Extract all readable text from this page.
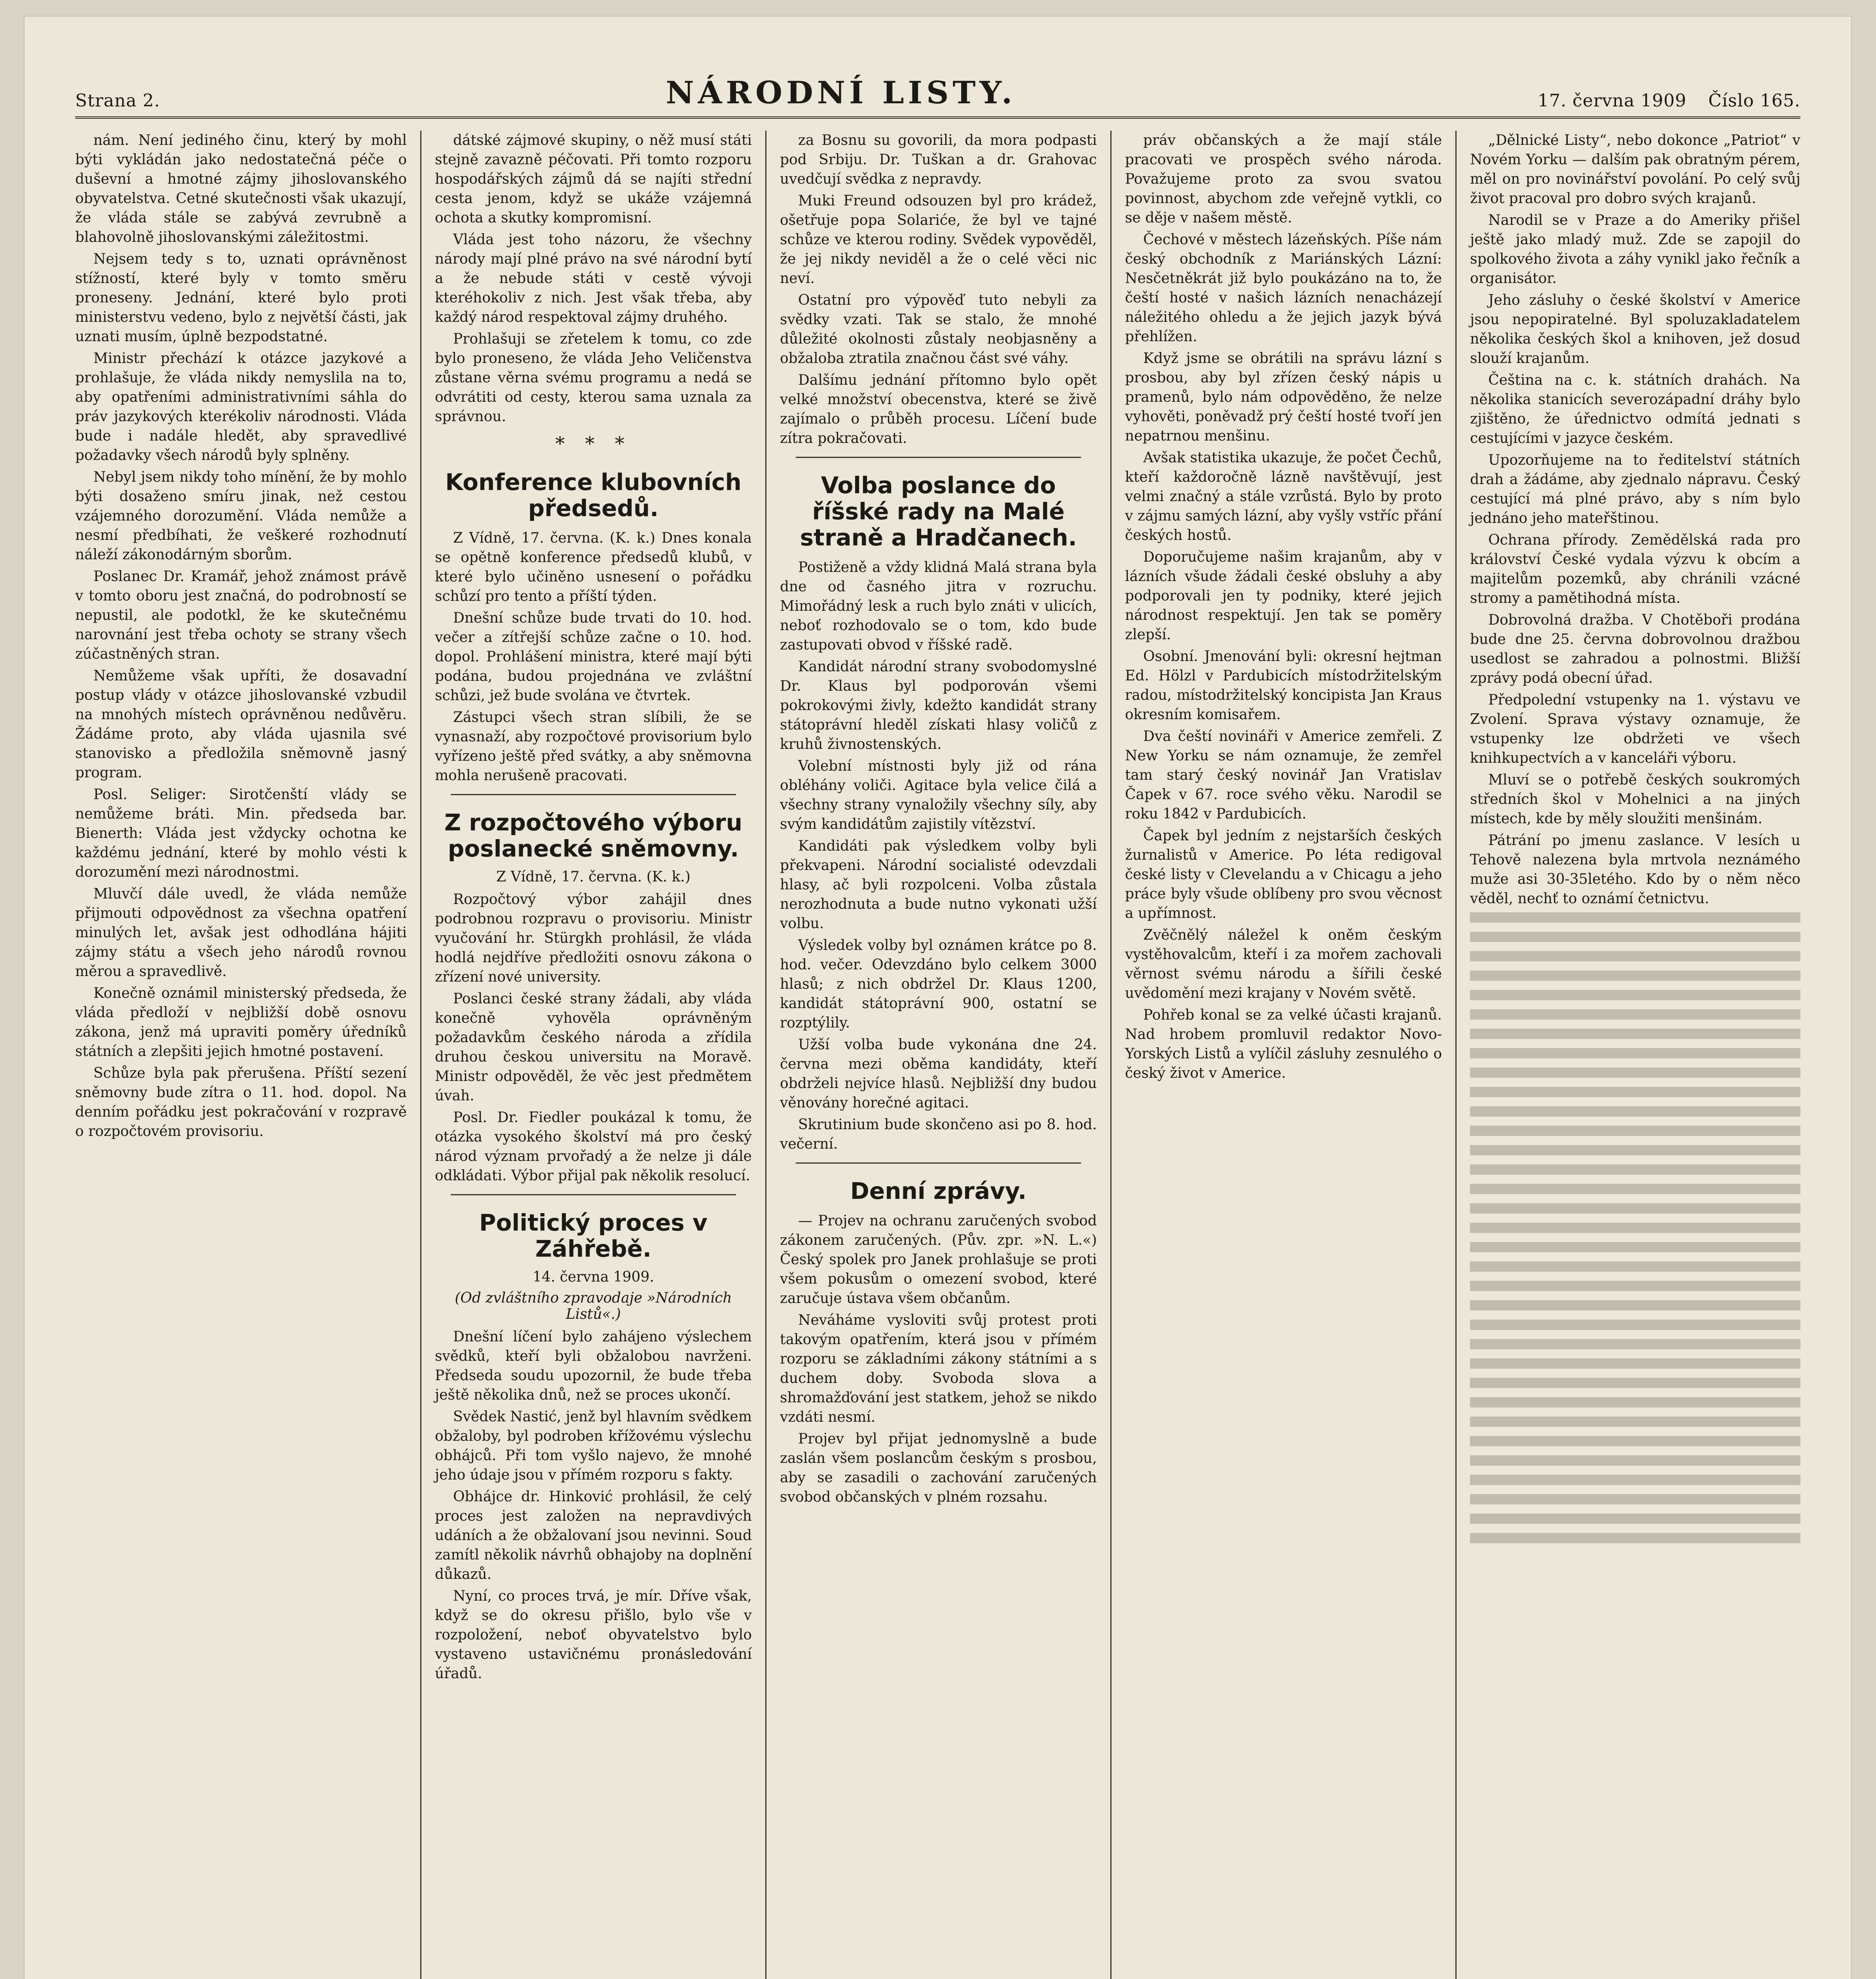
Strana 2.	NÁRODNÍ LISTY.	17. června 1909 Číslo 165.

nám. Není jediného činu, který by mohl býti vykládán jako nedostatečná péče o duševní a hmotné zájmy jihoslovanského obyvatelstva. Cetné skutečnosti však ukazují, že vláda stále se zabývá zevrubně a blahovolně jihoslovanskými záležitostmi.

Nejsem tedy s to, uznati oprávněnost stížností, které byly v tomto směru proneseny. Jednání, které bylo proti ministerstvu vedeno, bylo z největší části, jak uznati musím, úplně bezpodstatné.

Ministr přechází k otázce jazykové a prohlašuje, že vláda nikdy nemyslila na to, aby opatřeními administrativními sáhla do práv jazykových kterékoliv národnosti. Vláda bude i nadále hledět, aby spravedlivé požadavky všech národů byly splněny.

Nebyl jsem nikdy toho mínění, že by mohlo býti dosaženo smíru jinak, než cestou vzájemného dorozumění. Vláda nemůže a nesmí předbíhati, že veškeré rozhodnutí náleží zákonodárným sborům.

Poslanec Dr. Kramář, jehož známost právě v tomto oboru jest značná, do podrobností se nepustil, ale podotkl, že ke skutečnému narovnání jest třeba ochoty se strany všech zúčastněných stran.

Nemůžeme však upříti, že dosavadní postup vlády v otázce jihoslovanské vzbudil na mnohých místech oprávněnou nedůvěru. Žádáme proto, aby vláda ujasnila své stanovisko a předložila sněmovně jasný program.

Posl. Seliger: Sirotčenští vlády se nemůžeme bráti. Min. předseda bar. Bienerth: Vláda jest vždycky ochotna ke každému jednání, které by mohlo vésti k dorozumění mezi národnostmi.

Mluvčí dále uvedl, že vláda nemůže přijmouti odpovědnost za všechna opatření minulých let, avšak jest odhodlána hájiti zájmy státu a všech jeho národů rovnou měrou a spravedlivě.

Konečně oznámil ministerský předseda, že vláda předloží v nejbližší době osnovu zákona, jenž má upraviti poměry úředníků státních a zlepšiti jejich hmotné postavení.

Schůze byla pak přerušena. Příští sezení sněmovny bude zítra o 11. hod. dopol. Na denním pořádku jest pokračování v rozpravě o rozpočtovém provisoriu.

dátské zájmové skupiny, o něž musí státi stejně zavazně péčovati. Při tomto rozporu hospodářských zájmů dá se najíti střední cesta jenom, když se ukáže vzájemná ochota a skutky kompromisní.

Vláda jest toho názoru, že všechny národy mají plné právo na své národní bytí a že nebude státi v cestě vývoji kteréhokoliv z nich. Jest však třeba, aby každý národ respektoval zájmy druhého.

Prohlašuji se zřetelem k tomu, co zde bylo proneseno, že vláda Jeho Veličenstva zůstane věrna svému programu a nedá se odvrátiti od cesty, kterou sama uznala za správnou.

* * *
Konference klubovních předsedů.

Z Vídně, 17. června. (K. k.) Dnes konala se opětně konference předsedů klubů, v které bylo učiněno usnesení o pořádku schůzí pro tento a příští týden.

Dnešní schůze bude trvati do 10. hod. večer a zítřejší schůze začne o 10. hod. dopol. Prohlášení ministra, které mají býti podána, budou projednána ve zvláštní schůzi, jež bude svolána ve čtvrtek.

Zástupci všech stran slíbili, že se vynasnaží, aby rozpočtové provisorium bylo vyřízeno ještě před svátky, a aby sněmovna mohla nerušeně pracovati.

Z rozpočtového výboru poslanecké sněmovny.
Z Vídně, 17. června. (K. k.)

Rozpočtový výbor zahájil dnes podrobnou rozpravu o provisoriu. Ministr vyučování hr. Stürgkh prohlásil, že vláda hodlá nejdříve předložiti osnovu zákona o zřízení nové university.

Poslanci české strany žádali, aby vláda konečně vyhověla oprávněným požadavkům českého národa a zřídila druhou českou universitu na Moravě. Ministr odpověděl, že věc jest předmětem úvah.

Posl. Dr. Fiedler poukázal k tomu, že otázka vysokého školství má pro český národ význam prvořadý a že nelze ji dále odkládati. Výbor přijal pak několik resolucí.

Politický proces v Záhřebě.
14. června 1909.
(Od zvláštního zpravodaje »Národních Listů«.)

Dnešní líčení bylo zahájeno výslechem svědků, kteří byli obžalobou navrženi. Předseda soudu upozornil, že bude třeba ještě několika dnů, než se proces ukončí.

Svědek Nastić, jenž byl hlavním svědkem obžaloby, byl podroben křížovému výslechu obhájců. Při tom vyšlo najevo, že mnohé jeho údaje jsou v přímém rozporu s fakty.

Obhájce dr. Hinković prohlásil, že celý proces jest založen na nepravdivých udáních a že obžalovaní jsou nevinni. Soud zamítl několik návrhů obhajoby na doplnění důkazů.

Nyní, co proces trvá, je mír. Dříve však, když se do okresu přišlo, bylo vše v rozpoložení, neboť obyvatelstvo bylo vystaveno ustavičnému pronásledování úřadů.

za Bosnu su govorili, da mora podpasti pod Srbiju. Dr. Tuškan a dr. Grahovac uvedčují svědka z nepravdy.

Muki Freund odsouzen byl pro krádež, ošetřuje popa Solariće, že byl ve tajné schůze ve kterou rodiny. Svědek vypověděl, že jej nikdy neviděl a že o celé věci nic neví.

Ostatní pro výpověď tuto nebyli za svědky vzati. Tak se stalo, že mnohé důležité okolnosti zůstaly neobjasněny a obžaloba ztratila značnou část své váhy.

Dalšímu jednání přítomno bylo opět velké množství obecenstva, které se živě zajímalo o průběh procesu. Líčení bude zítra pokračovati.

Volba poslance do říšské rady na Malé straně a Hradčanech.

Postiženě a vždy klidná Malá strana byla dne od časného jitra v rozruchu. Mimořádný lesk a ruch bylo znáti v ulicích, neboť rozhodovalo se o tom, kdo bude zastupovati obvod v říšské radě.

Kandidát národní strany svobodomyslné Dr. Klaus byl podporován všemi pokrokovými živly, kdežto kandidát strany státoprávní hleděl získati hlasy voličů z kruhů živnostenských.

Volební místnosti byly již od rána obléhány voliči. Agitace byla velice čilá a všechny strany vynaložily všechny síly, aby svým kandidátům zajistily vítězství.

Kandidáti pak výsledkem volby byli překvapeni. Národní socialisté odevzdali hlasy, ač byli rozpolceni. Volba zůstala nerozhodnuta a bude nutno vykonati užší volbu.

Výsledek volby byl oznámen krátce po 8. hod. večer. Odevzdáno bylo celkem 3000 hlasů; z nich obdržel Dr. Klaus 1200, kandidát státoprávní 900, ostatní se rozptýlily.

Užší volba bude vykonána dne 24. června mezi oběma kandidáty, kteří obdrželi nejvíce hlasů. Nejbližší dny budou věnovány horečné agitaci.

Skrutinium bude skončeno asi po 8. hod. večerní.

Denní zprávy.

— Projev na ochranu zaručených svobod zákonem zaručených. (Pův. zpr. »N. L.«) Český spolek pro Janek prohlašuje se proti všem pokusům o omezení svobod, které zaručuje ústava všem občanům.

Neváháme vysloviti svůj protest proti takovým opatřením, která jsou v přímém rozporu se základními zákony státními a s duchem doby. Svoboda slova a shromažďování jest statkem, jehož se nikdo vzdáti nesmí.

Projev byl přijat jednomyslně a bude zaslán všem poslancům českým s prosbou, aby se zasadili o zachování zaručených svobod občanských v plném rozsahu.

práv občanských a že mají stále pracovati ve prospěch svého národa. Považujeme proto za svou svatou povinnost, abychom zde veřejně vytkli, co se děje v našem městě.

Čechové v městech lázeňských. Píše nám český obchodník z Mariánských Lázní: Nesčetněkrát již bylo poukázáno na to, že čeští hosté v našich lázních nenacházejí náležitého ohledu a že jejich jazyk bývá přehlížen.

Když jsme se obrátili na správu lázní s prosbou, aby byl zřízen český nápis u pramenů, bylo nám odpověděno, že nelze vyhověti, poněvadž prý čeští hosté tvoří jen nepatrnou menšinu.

Avšak statistika ukazuje, že počet Čechů, kteří každoročně lázně navštěvují, jest velmi značný a stále vzrůstá. Bylo by proto v zájmu samých lázní, aby vyšly vstříc přání českých hostů.

Doporučujeme našim krajanům, aby v lázních všude žádali české obsluhy a aby podporovali jen ty podniky, které jejich národnost respektují. Jen tak se poměry zlepší.

Osobní. Jmenování byli: okresní hejtman Ed. Hölzl v Pardubicích místodržitelským radou, místodržitelský koncipista Jan Kraus okresním komisařem.

Dva čeští novináři v Americe zemřeli. Z New Yorku se nám oznamuje, že zemřel tam starý český novinář Jan Vratislav Čapek v 67. roce svého věku. Narodil se roku 1842 v Pardubicích.

Čapek byl jedním z nejstarších českých žurnalistů v Americe. Po léta redigoval české listy v Clevelandu a v Chicagu a jeho práce byly všude oblíbeny pro svou věcnost a upřímnost.

Zvěčnělý náležel k oněm českým vystěhovalcům, kteří i za mořem zachovali věrnost svému národu a šířili české uvědomění mezi krajany v Novém světě.

Pohřeb konal se za velké účasti krajanů. Nad hrobem promluvil redaktor Novo-Yorských Listů a vylíčil zásluhy zesnulého o český život v Americe.

„Dělnické Listy“, nebo dokonce „Patriot“ v Novém Yorku — dalším pak obratným pérem, měl on pro novinářství povolání. Po celý svůj život pracoval pro dobro svých krajanů.

Narodil se v Praze a do Ameriky přišel ještě jako mladý muž. Zde se zapojil do spolkového života a záhy vynikl jako řečník a organisátor.

Jeho zásluhy o české školství v Americe jsou nepopiratelné. Byl spoluzakladatelem několika českých škol a knihoven, jež dosud slouží krajanům.

Čeština na c. k. státních drahách. Na několika stanicích severozápadní dráhy bylo zjištěno, že úřednictvo odmítá jednati s cestujícími v jazyce českém.

Upozorňujeme na to ředitelství státních drah a žádáme, aby zjednalo nápravu. Český cestující má plné právo, aby s ním bylo jednáno jeho mateřštinou.

Ochrana přírody. Zemědělská rada pro království České vydala výzvu k obcím a majitelům pozemků, aby chránili vzácné stromy a pamětihodná místa.

Dobrovolná dražba. V Chotěboři prodána bude dne 25. června dobrovolnou dražbou usedlost se zahradou a polnostmi. Bližší zprávy podá obecní úřad.

Předpolední vstupenky na 1. výstavu ve Zvolení. Sprava výstavy oznamuje, že vstupenky lze obdržeti ve všech knihkupectvích a v kanceláři výboru.

Mluví se o potřebě českých soukromých středních škol v Mohelnici a na jiných místech, kde by měly sloužiti menšinám.

Pátrání po jmenu zaslance. V lesích u Tehově nalezena byla mrtvola neznámého muže asi 30-35letého. Kdo by o něm něco věděl, nechť to oznámí četnictvu.
